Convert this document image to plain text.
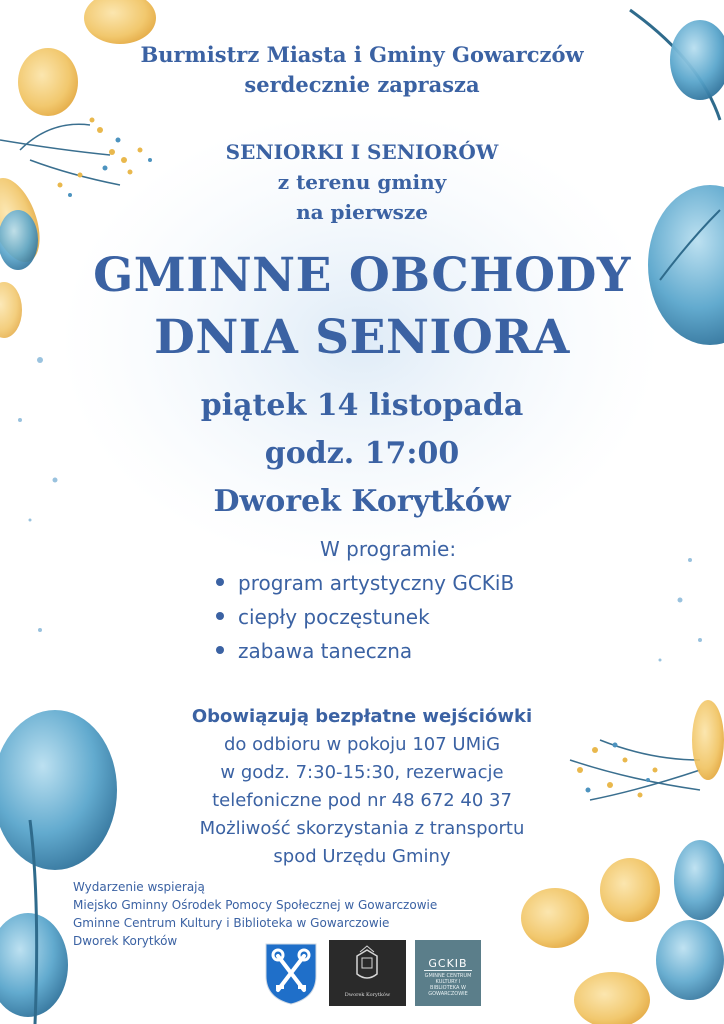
Burmistrz Miasta i Gminy Gowarczów
serdecznie zaprasza
SENIORKI I SENIORÓW
z terenu gminy
na pierwsze
GMINNE OBCHODY
DNIA SENIORA
piątek 14 listopada
godz. 17:00
Dworek Korytków
W programie:
program artystyczny GCKiB
ciepły poczęstunek
zabawa taneczna
Obowiązują bezpłatne wejściówki
do odbioru w pokoju 107 UMiG
w godz. 7:30-15:30, rezerwacje
telefoniczne pod nr 48 672 40 37
Możliwość skorzystania z transportu
spod Urzędu Gminy
Wydarzenie wspierają
Miejsko Gminny Ośrodek Pomocy Społecznej w Gowarczowie
Gminne Centrum Kultury i Biblioteka w Gowarczowie
Dworek Korytków
Dworek Korytków
GCKIB
GMINNE CENTRUM KULTURY I BIBLIOTEKA W GOWARCZOWIE
